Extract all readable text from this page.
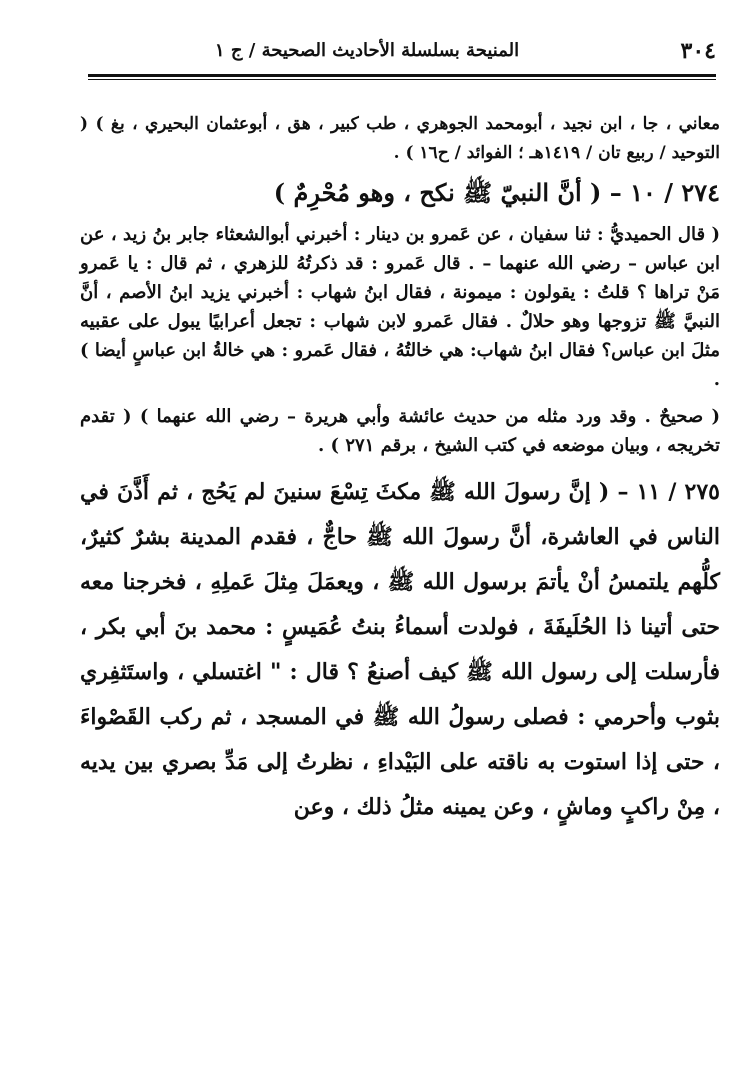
٣٠٤
المنيحة بسلسلة الأحاديث الصحيحة / ج ١

معاني ، جا ، ابن نجيد ، أبومحمد الجوهري ، طب كبير ، هق ، أبوعثمان البحيري ، بغ ) ( التوحيد / ربيع تان / ١٤١٩هـ ؛ الفوائد / ح١٦ ) .

٢٧٤ / ١٠ – ( أنَّ النبيّ ﷺ نكح ، وهو مُحْرِمٌ )

( قال الحميديُّ : ثنا سفيان ، عن عَمرو بن دينار : أخبرني أبوالشعثاء جابر بنُ زيد ، عن ابن عباس – رضي الله عنهما – . قال عَمرو : قد ذكرتُهُ للزهري ، ثم قال : يا عَمرو مَنْ تراها ؟ قلتُ : يقولون : ميمونة ، فقال ابنُ شهاب : أخبرني يزيد ابنُ الأصم ، أنَّ النبيَّ ﷺ تزوجها وهو حلالٌ . فقال عَمرو لابن شهاب : تجعل أعرابيًا يبول على عقبيه مثلَ ابن عباس؟ فقال ابنُ شهاب: هي خالتُهُ ، فقال عَمرو : هي خالةُ ابن عباسٍ أيضا ) .

( صحيحٌ . وقد ورد مثله من حديث عائشة وأبي هريرة – رضي الله عنهما ) ( تقدم تخريجه ، وبيان موضعه في كتب الشيخ ، برقم ٢٧١ ) .

٢٧٥ / ١١ – ( إنَّ رسولَ الله ﷺ مكثَ تِسْعَ سنينَ لم يَحُج ، ثم أَذَّنَ في الناس في العاشرة، أنَّ رسولَ الله ﷺ حاجٌّ ، فقدم المدينة بشرٌ كثيرٌ، كلُّهم يلتمسُ أنْ يأتمَ برسول الله ﷺ ، ويعمَلَ مِثلَ عَملِهِ ، فخرجنا معه حتى أتينا ذا الحُلَيفَةَ ، فولدت أسماءُ بنتُ عُمَيسٍ : محمد بنَ أبي بكر ، فأرسلت إلى رسول الله ﷺ كيف أصنعُ ؟ قال : " اغتسلي ، واستَثفِري بثوب وأحرمي : فصلى رسولُ الله ﷺ في المسجد ، ثم ركب القَصْواءَ ، حتى إذا استوت به ناقته على البَيْداءِ ، نظرتُ إلى مَدِّ بصري بين يديه ، مِنْ راكبٍ وماشٍ ، وعن يمينه مثلُ ذلك ، وعن
